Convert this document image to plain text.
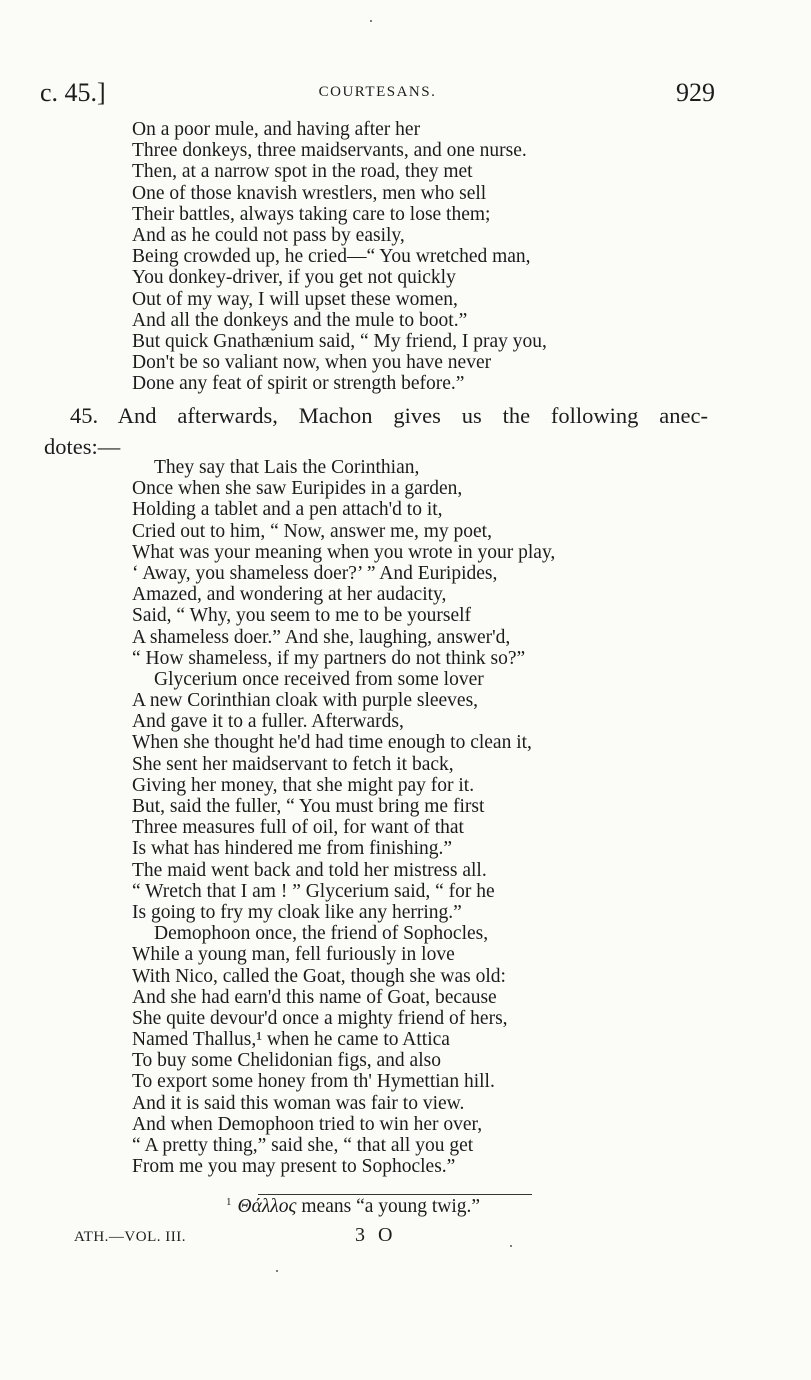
c. 45.]	COURTESANS.	929
On a poor mule, and having after her
Three donkeys, three maidservants, and one nurse.
Then, at a narrow spot in the road, they met
One of those knavish wrestlers, men who sell
Their battles, always taking care to lose them;
And as he could not pass by easily,
Being crowded up, he cried—“ You wretched man,
You donkey-driver, if you get not quickly
Out of my way, I will upset these women,
And all the donkeys and the mule to boot.”
But quick Gnathænium said, “ My friend, I pray you,
Don't be so valiant now, when you have never
Done any feat of spirit or strength before.”
45. And afterwards, Machon gives us the following anec-
dotes:—
They say that Lais the Corinthian,
Once when she saw Euripides in a garden,
Holding a tablet and a pen attach'd to it,
Cried out to him, “ Now, answer me, my poet,
What was your meaning when you wrote in your play,
‘ Away, you shameless doer?’ ” And Euripides,
Amazed, and wondering at her audacity,
Said, “ Why, you seem to me to be yourself
A shameless doer.” And she, laughing, answer'd,
“ How shameless, if my partners do not think so?”
Glycerium once received from some lover
A new Corinthian cloak with purple sleeves,
And gave it to a fuller. Afterwards,
When she thought he'd had time enough to clean it,
She sent her maidservant to fetch it back,
Giving her money, that she might pay for it.
But, said the fuller, “ You must bring me first
Three measures full of oil, for want of that
Is what has hindered me from finishing.”
The maid went back and told her mistress all.
“ Wretch that I am ! ” Glycerium said, “ for he
Is going to fry my cloak like any herring.”
Demophoon once, the friend of Sophocles,
While a young man, fell furiously in love
With Nico, called the Goat, though she was old:
And she had earn'd this name of Goat, because
She quite devour'd once a mighty friend of hers,
Named Thallus,¹ when he came to Attica
To buy some Chelidonian figs, and also
To export some honey from th' Hymettian hill.
And it is said this woman was fair to view.
And when Demophoon tried to win her over,
“ A pretty thing,” said she, “ that all you get
From me you may present to Sophocles.”
$^1$ Θάλλος means “a young twig.”
ATH.—VOL. III.	3 O
